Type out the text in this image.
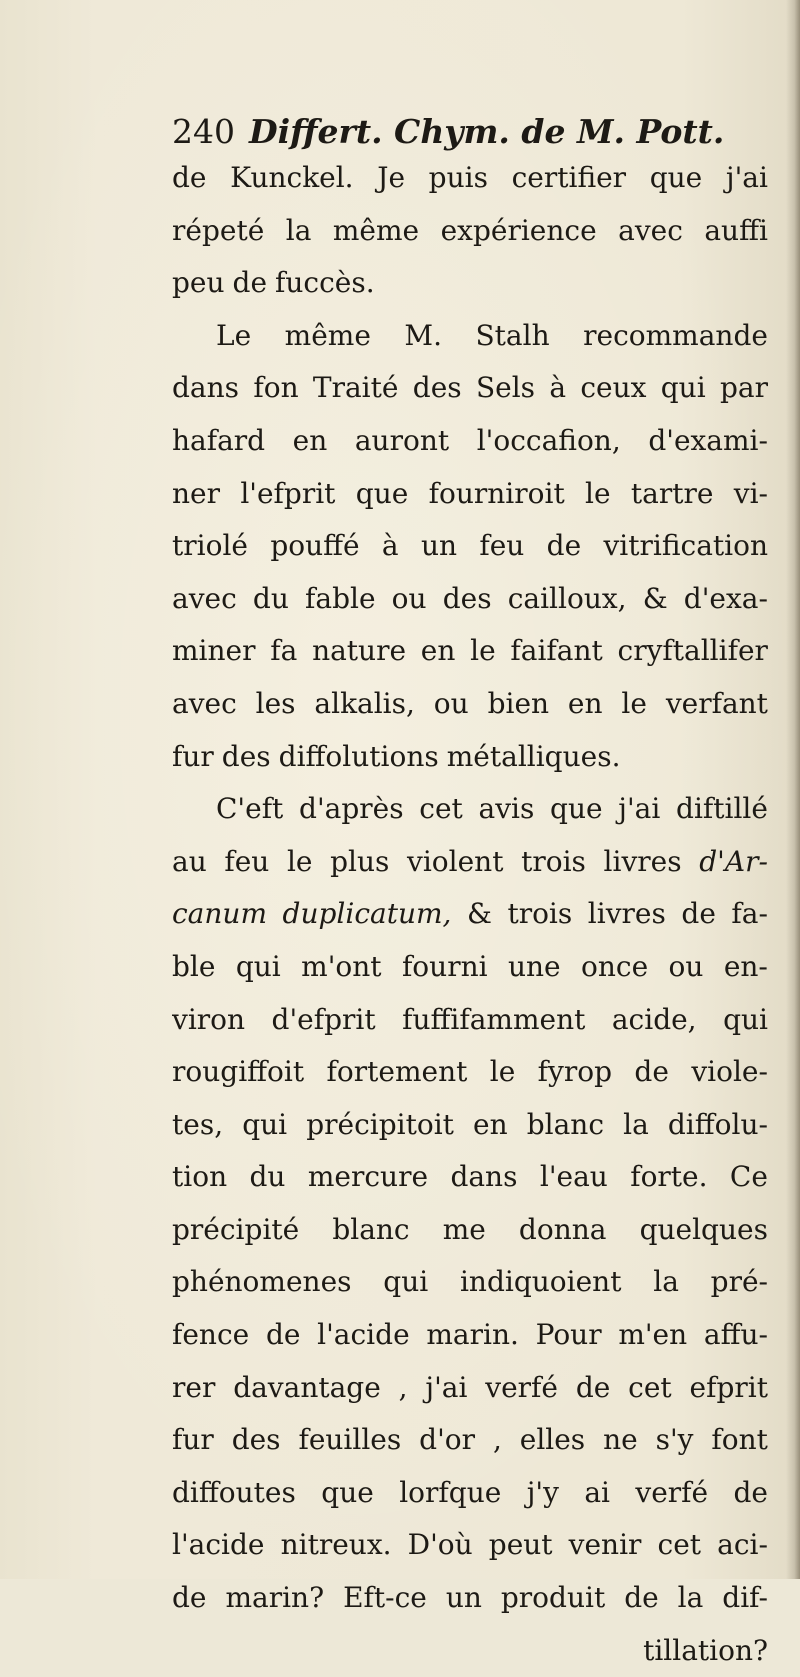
240 Differt. Chym. de M. Pott.
de Kunckel. Je puis certifier que j'ai
répeté la même expérience avec auffi
peu de fuccès.
Le même M. Stalh recommande
dans fon Traité des Sels à ceux qui par
hafard en auront l'occafion, d'exami-
ner l'efprit que fourniroit le tartre vi-
triolé pouffé à un feu de vitrification
avec du fable ou des cailloux, & d'exa-
miner fa nature en le faifant cryftallifer
avec les alkalis, ou bien en le verfant
fur des diffolutions métalliques.
C'eft d'après cet avis que j'ai diftillé
au feu le plus violent trois livres d'Ar-
canum duplicatum, & trois livres de fa-
ble qui m'ont fourni une once ou en-
viron d'efprit fuffifamment acide, qui
rougiffoit fortement le fyrop de viole-
tes, qui précipitoit en blanc la diffolu-
tion du mercure dans l'eau forte. Ce
précipité blanc me donna quelques
phénomenes qui indiquoient la pré-
fence de l'acide marin. Pour m'en affu-
rer davantage , j'ai verfé de cet efprit
fur des feuilles d'or , elles ne s'y font
diffoutes que lorfque j'y ai verfé de
l'acide nitreux. D'où peut venir cet aci-
de marin? Eft-ce un produit de la dif-
tillation?
